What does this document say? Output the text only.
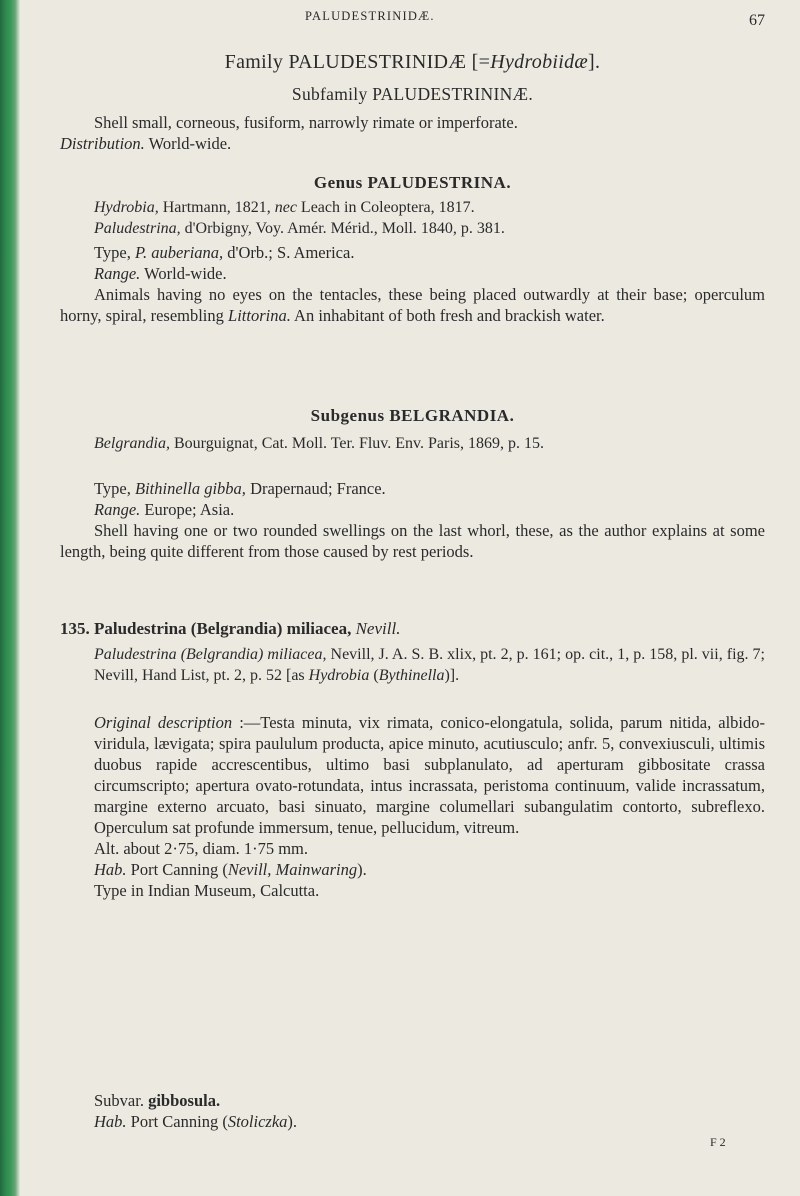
PALUDESTRINIDÆ.	67
Family PALUDESTRINIDÆ [=Hydrobiidæ].
Subfamily PALUDESTRININÆ.

Shell small, corneous, fusiform, narrowly rimate or imperforate.
Distribution. World-wide.

Genus PALUDESTRINA.

Hydrobia, Hartmann, 1821, nec Leach in Coleoptera, 1817.

Paludestrina, d'Orbigny, Voy. Amér. Mérid., Moll. 1840, p. 381.

Type, P. auberiana, d'Orb.; S. America.

Range. World-wide.

Animals having no eyes on the tentacles, these being placed outwardly at their base; operculum horny, spiral, resembling Littorina. An inhabitant of both fresh and brackish water.

Subgenus BELGRANDIA.

Belgrandia, Bourguignat, Cat. Moll. Ter. Fluv. Env. Paris, 1869, p. 15.

Type, Bithinella gibba, Drapernaud; France.

Range. Europe; Asia.

Shell having one or two rounded swellings on the last whorl, these, as the author explains at some length, being quite different from those caused by rest periods.

135. Paludestrina (Belgrandia) miliacea, Nevill.

Paludestrina (Belgrandia) miliacea, Nevill, J. A. S. B. xlix, pt. 2, p. 161; op. cit., 1, p. 158, pl. vii, fig. 7; Nevill, Hand List, pt. 2, p. 52 [as Hydrobia (Bythinella)].

Original description :—Testa minuta, vix rimata, conico-elongatula, solida, parum nitida, albido-viridula, lævigata; spira paululum producta, apice minuto, acutiusculo; anfr. 5, convexiusculi, ultimis duobus rapide accrescentibus, ultimo basi subplanulato, ad aperturam gibbositate crassa circumscripto; apertura ovato-rotundata, intus incrassata, peristoma continuum, valide incrassatum, margine externo arcuato, basi sinuato, margine columellari subangulatim contorto, subreflexo. Operculum sat profunde immersum, tenue, pellucidum, vitreum.

Alt. about 2·75, diam. 1·75 mm.

Hab. Port Canning (Nevill, Mainwaring).

Type in Indian Museum, Calcutta.

Subvar. gibbosula.

Hab. Port Canning (Stoliczka).

F 2
